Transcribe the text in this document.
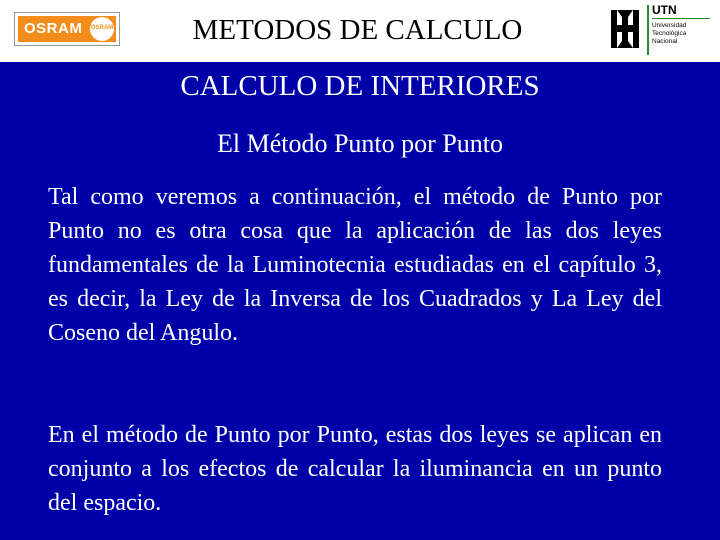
OSRAM OSRAM	METODOS DE CALCULO
UTN
Universidad
Tecnológica
Nacional
CALCULO DE INTERIORES
El Método Punto por Punto

Tal como veremos a continuación, el método de Punto por Punto no es otra cosa que la aplicación de las dos leyes fundamentales de la Luminotecnia estudiadas en el capítulo 3, es decir, la Ley de la Inversa de los Cuadrados y La Ley del Coseno del Angulo.

En el método de Punto por Punto, estas dos leyes se aplican en conjunto a los efectos de calcular la iluminancia en un punto del espacio.
